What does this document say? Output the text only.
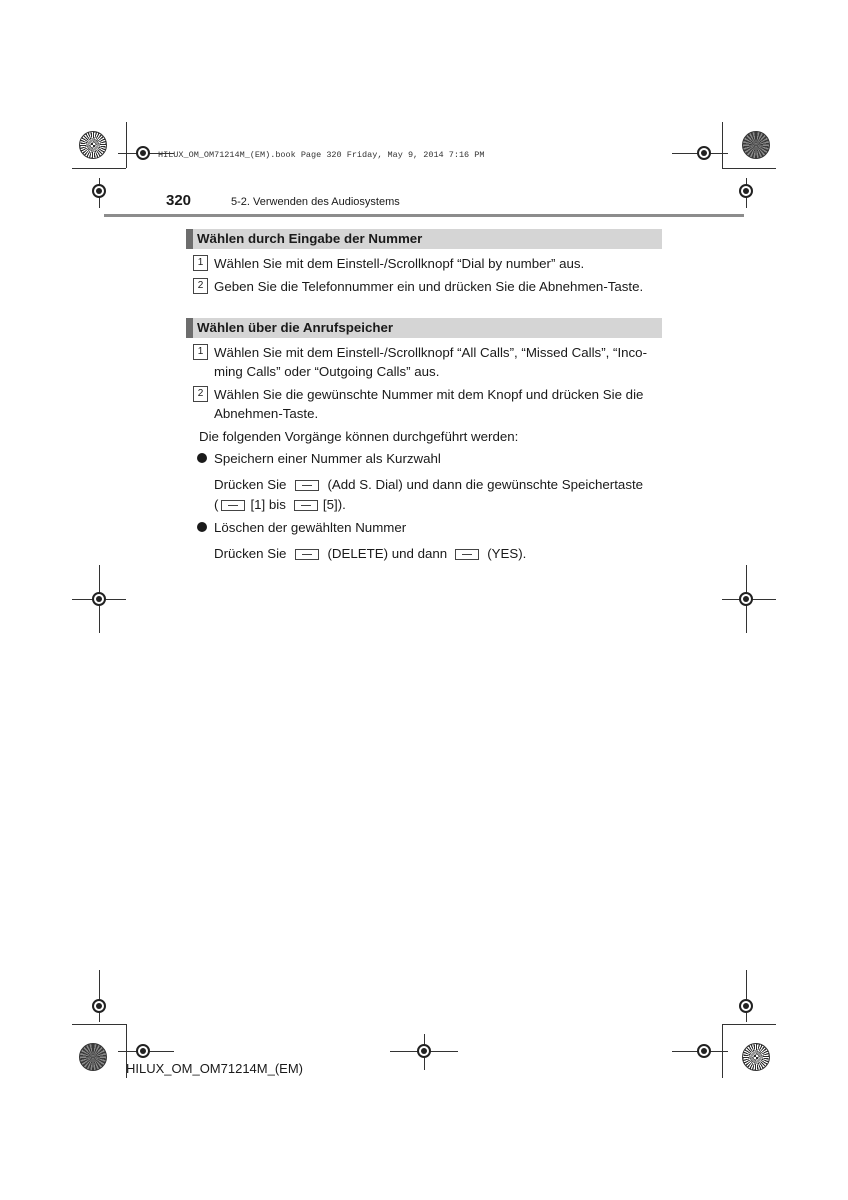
HILUX_OM_OM71214M_(EM).book Page 320 Friday, May 9, 2014 7:16 PM
320	5-2. Verwenden des Audiosystems
Wählen durch Eingabe der Nummer
1 Wählen Sie mit dem Einstell-/Scrollknopf “Dial by number” aus.
2 Geben Sie die Telefonnummer ein und drücken Sie die Abnehmen-Taste.
Wählen über die Anrufspeicher
1 Wählen Sie mit dem Einstell-/Scrollknopf “All Calls”, “Missed Calls”, “Inco-
ming Calls” oder “Outgoing Calls” aus.
2 Wählen Sie die gewünschte Nummer mit dem Knopf und drücken Sie die
Abnehmen-Taste.
Die folgenden Vorgänge können durchgeführt werden:
Speichern einer Nummer als Kurzwahl
Drücken Sie	(Add S. Dial) und dann die gewünschte Speichertaste
( [1] bis	[5]).
Löschen der gewählten Nummer
Drücken Sie	(DELETE) und dann	(YES).
HILUX_OM_OM71214M_(EM)
